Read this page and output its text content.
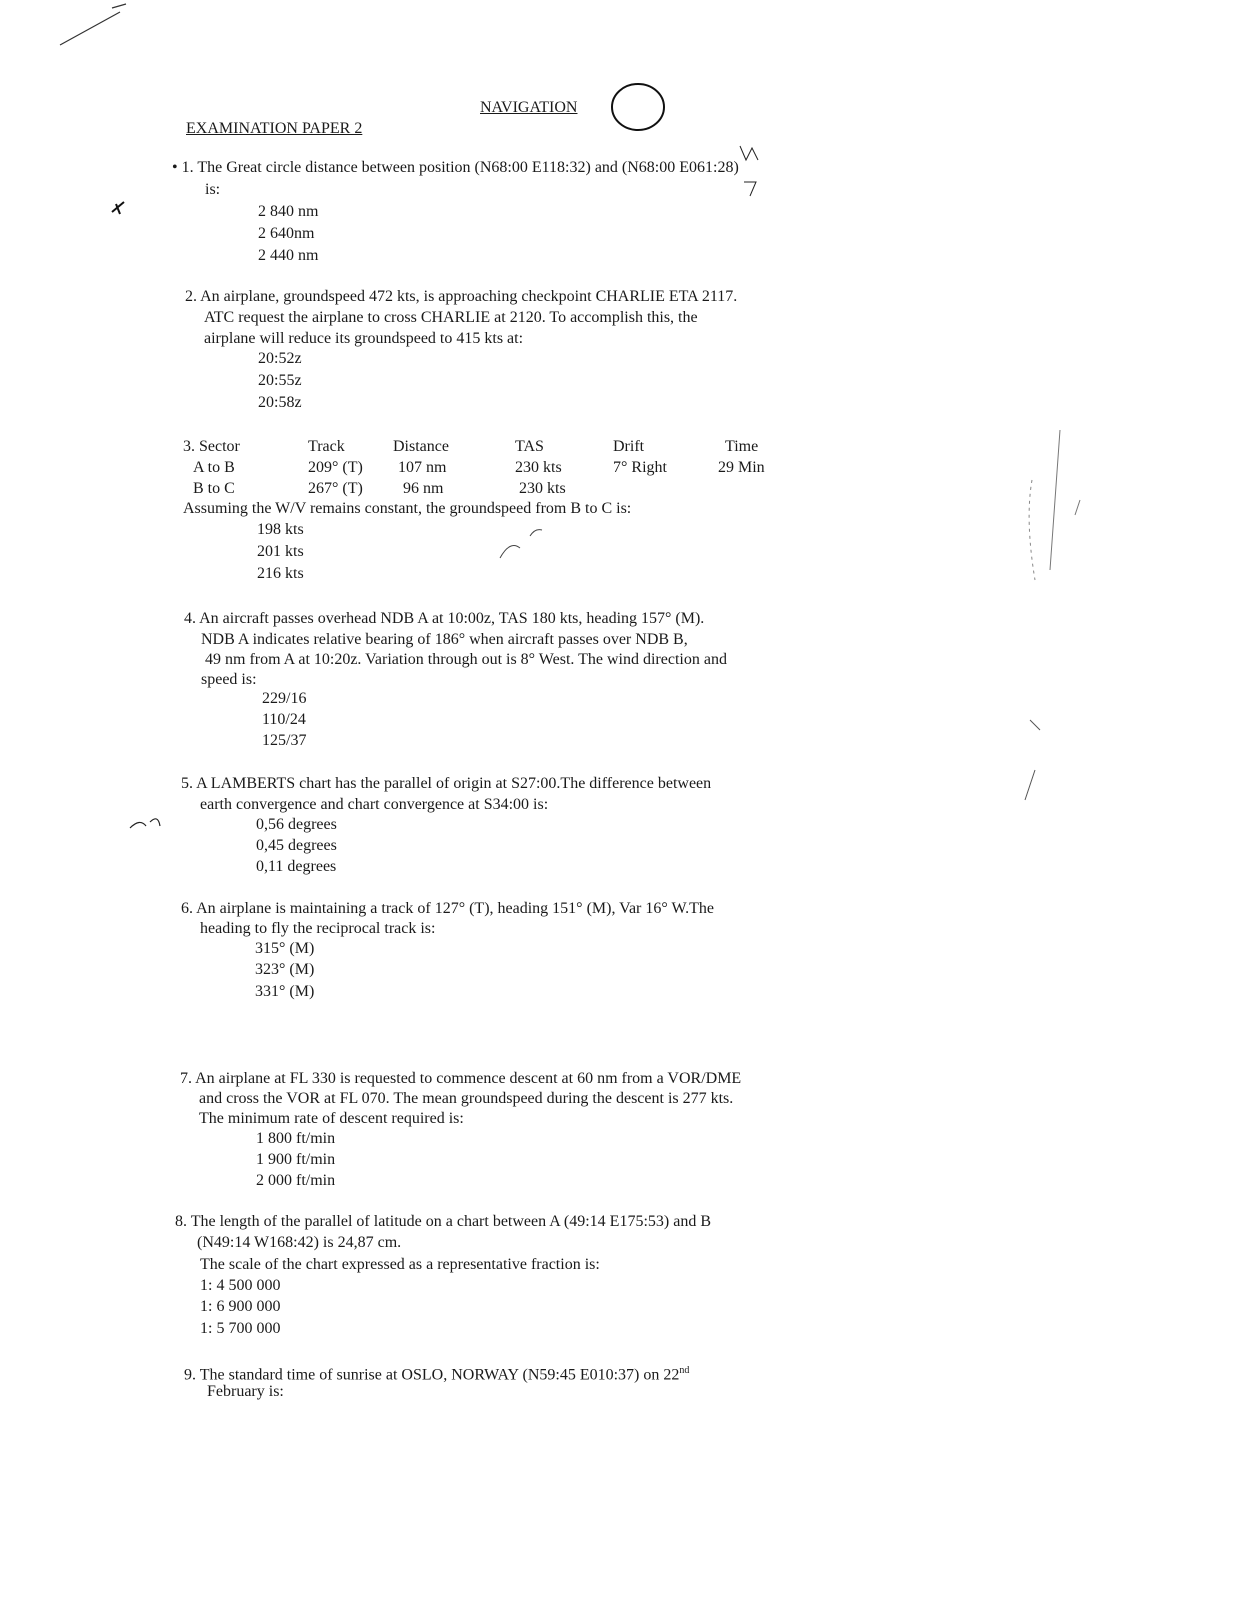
NAVIGATION
EXAMINATION PAPER 2
• 1. The Great circle distance between position (N68:00 E118:32) and (N68:00 E061:28)
is:
2 840 nm
2 640nm
2 440 nm
2. An airplane, groundspeed 472 kts, is approaching checkpoint CHARLIE ETA 2117.
ATC request the airplane to cross CHARLIE at 2120. To accomplish this, the
airplane will reduce its groundspeed to 415 kts at:
20:52z
20:55z
20:58z
3. Sector	Track	Distance	TAS	Drift	Time
A to B	209° (T) 107 nm	230 kts	7° Right	29 Min
B to C	267° (T)	96 nm	230 kts
Assuming the W/V remains constant, the groundspeed from B to C is:
198 kts
201 kts
216 kts
4. An aircraft passes overhead NDB A at 10:00z, TAS 180 kts, heading 157° (M).
NDB A indicates relative bearing of 186° when aircraft passes over NDB B,
49 nm from A at 10:20z. Variation through out is 8° West. The wind direction and
speed is:
229/16
110/24
125/37
5. A LAMBERTS chart has the parallel of origin at S27:00.The difference between
earth convergence and chart convergence at S34:00 is:
0,56 degrees
0,45 degrees
0,11 degrees
6. An airplane is maintaining a track of 127° (T), heading 151° (M), Var 16° W.The
heading to fly the reciprocal track is:
315° (M)
323° (M)
331° (M)
7. An airplane at FL 330 is requested to commence descent at 60 nm from a VOR/DME
and cross the VOR at FL 070. The mean groundspeed during the descent is 277 kts.
The minimum rate of descent required is:
1 800 ft/min
1 900 ft/min
2 000 ft/min
8. The length of the parallel of latitude on a chart between A (49:14 E175:53) and B
(N49:14 W168:42) is 24,87 cm.
The scale of the chart expressed as a representative fraction is:
1: 4 500 000
1: 6 900 000
1: 5 700 000
9. The standard time of sunrise at OSLO, NORWAY (N59:45 E010:37) on 22nd
February is:
